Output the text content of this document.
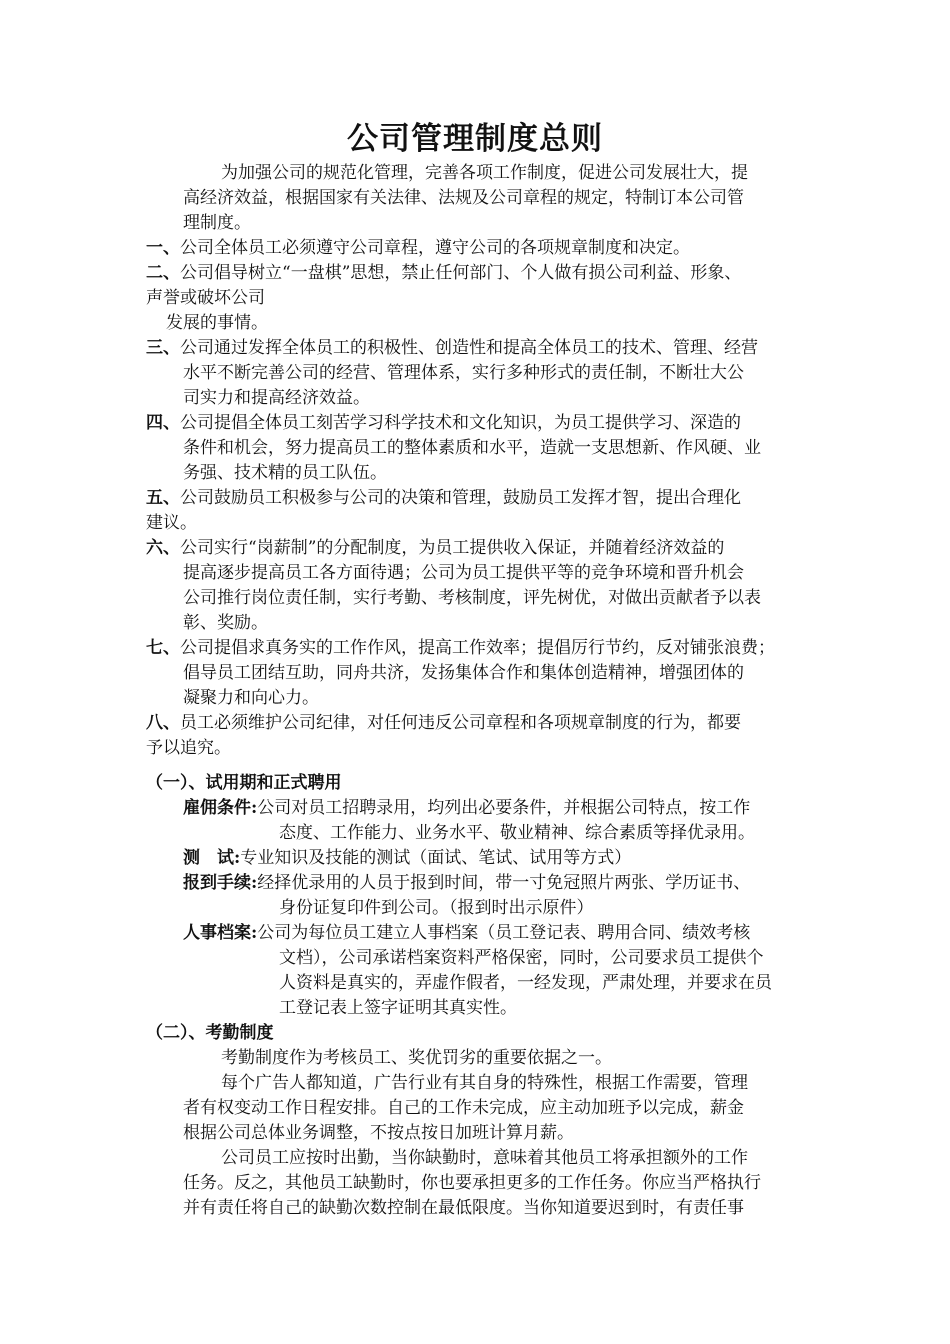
公司管理制度总则
为加强公司的规范化管理，完善各项工作制度，促进公司发展壮大，提
高经济效益，根据国家有关法律、法规及公司章程的规定，特制订本公司管
理制度。
一、公司全体员工必须遵守公司章程，遵守公司的各项规章制度和决定。
二、公司倡导树立“一盘棋”思想，禁止任何部门、个人做有损公司利益、形象、
声誉或破坏公司
发展的事情。
三、公司通过发挥全体员工的积极性、创造性和提高全体员工的技术、管理、经营
水平不断完善公司的经营、管理体系，实行多种形式的责任制，不断壮大公
司实力和提高经济效益。
四、公司提倡全体员工刻苦学习科学技术和文化知识，为员工提供学习、深造的
条件和机会，努力提高员工的整体素质和水平，造就一支思想新、作风硬、业
务强、技术精的员工队伍。
五、公司鼓励员工积极参与公司的决策和管理，鼓励员工发挥才智，提出合理化
建议。
六、公司实行“岗薪制”的分配制度，为员工提供收入保证，并随着经济效益的
提高逐步提高员工各方面待遇；公司为员工提供平等的竞争环境和晋升机会
公司推行岗位责任制，实行考勤、考核制度，评先树优，对做出贡献者予以表
彰、奖励。
七、公司提倡求真务实的工作作风，提高工作效率；提倡厉行节约，反对铺张浪费；
倡导员工团结互助，同舟共济，发扬集体合作和集体创造精神，增强团体的
凝聚力和向心力。
八、员工必须维护公司纪律，对任何违反公司章程和各项规章制度的行为，都要
予以追究。
（一）、试用期和正式聘用
雇佣条件:公司对员工招聘录用，均列出必要条件，并根据公司特点，按工作
态度、工作能力、业务水平、敬业精神、综合素质等择优录用。
测　试:专业知识及技能的测试（面试、笔试、试用等方式）
报到手续:经择优录用的人员于报到时间，带一寸免冠照片两张、学历证书、
身份证复印件到公司。（报到时出示原件）
人事档案:公司为每位员工建立人事档案（员工登记表、聘用合同、绩效考核
文档），公司承诺档案资料严格保密，同时，公司要求员工提供个
人资料是真实的，弄虚作假者，一经发现，严肃处理，并要求在员
工登记表上签字证明其真实性。
（二）、考勤制度
考勤制度作为考核员工、奖优罚劣的重要依据之一。
每个广告人都知道，广告行业有其自身的特殊性，根据工作需要，管理
者有权变动工作日程安排。自己的工作未完成，应主动加班予以完成，薪金
根据公司总体业务调整，不按点按日加班计算月薪。
公司员工应按时出勤，当你缺勤时，意味着其他员工将承担额外的工作
任务。反之，其他员工缺勤时，你也要承担更多的工作任务。你应当严格执行
并有责任将自己的缺勤次数控制在最低限度。当你知道要迟到时，有责任事
